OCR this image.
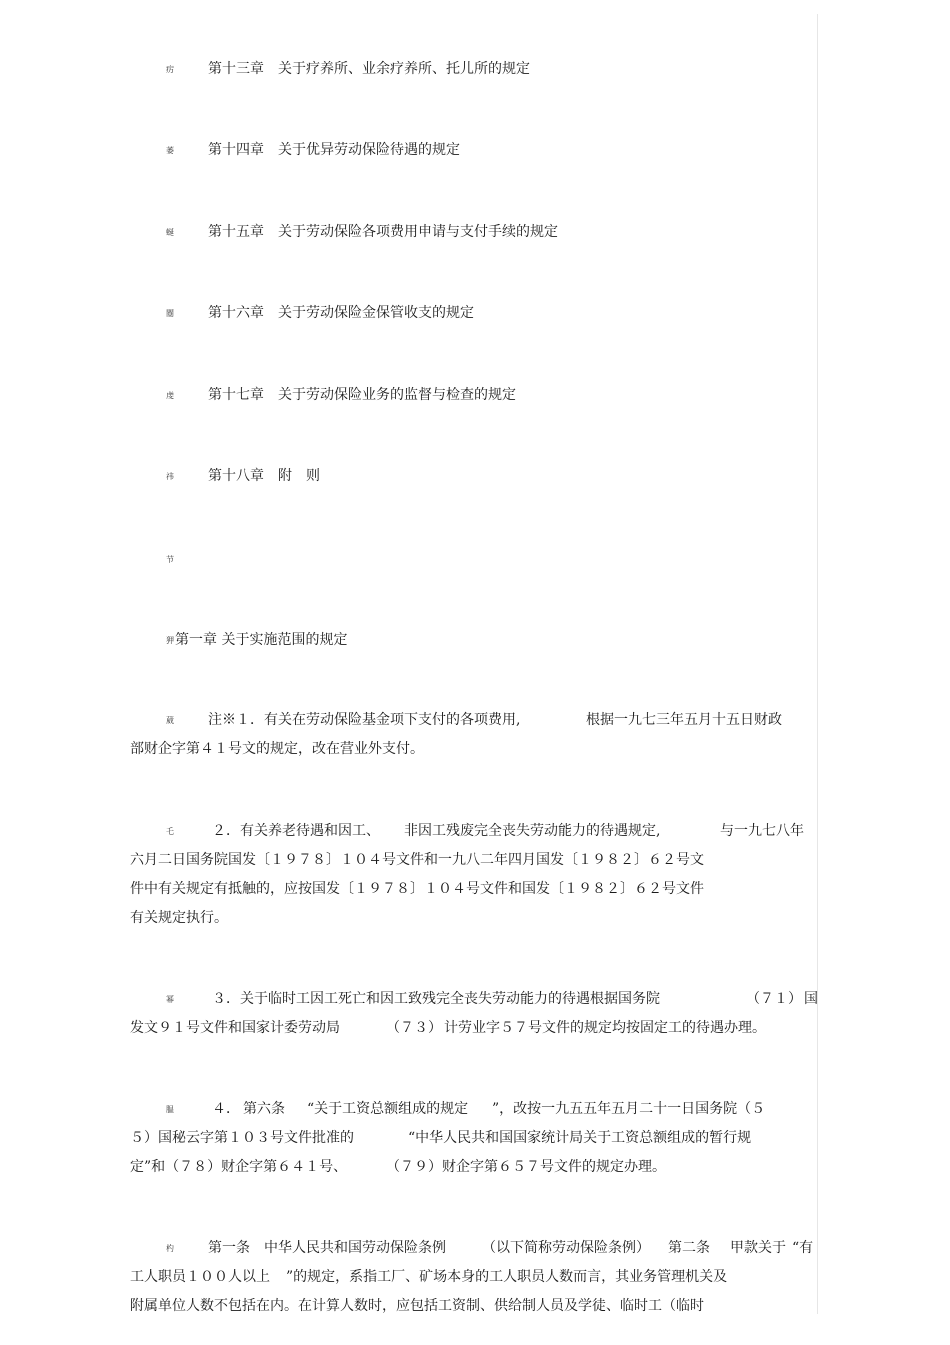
疠 第十三章　关于疗养所、业余疗养所、托儿所的规定
萎 第十四章　关于优异劳动保险待遇的规定
蜒 第十五章　关于劳动保险各项费用申请与支付手续的规定
闓 第十六章　关于劳动保险金保管收支的规定
虔 第十七章　关于劳动保险业务的监督与检查的规定
祎 第十八章　附　则
节
狎 第一章 关于实施范围的规定
葳 注※１．有关在劳动保险基金项下支付的各项费用,	根据一九七三年五月十五日财政
部财企字第４１号文的规定，改在营业外支付。
乇	２．有关养老待遇和因工、 非因工残废完全丧失劳动能力的待遇规定,	与一九七八年
六月二日国务院国发〔１９７８〕１０４号文件和一九八二年四月国发〔１９８２〕６２号文
件中有关规定有抵触的，应按国发〔１９７８〕１０４号文件和国发〔１９８２〕６２号文件
有关规定执行。
幂	３．关于临时工因工死亡和因工致残完全丧失劳动能力的待遇根据国务院	（７１） 国
发文９１号文件和国家计委劳动局	（７３） 计劳业字５７号文件的规定均按固定工的待遇办理。
腽	４． 第六条 “关于工资总额组成的规定 ”，改按一九五五年五月二十一日国务院（５
５）国秘云字第１０３号文件批准的	“中华人民共和国国家统计局关于工资总额组成的暂行规
定”和（７８）财企字第６４１号、	（７９）财企字第６５７号文件的规定办理。
杓 第一条　中华人民共和国劳动保险条例	（以下简称劳动保险条例） 第二条 甲款关于 “有
工人职员１００人以上 ”的规定，系指工厂、矿场本身的工人职员人数而言，其业务管理机关及
附属单位人数不包括在内。在计算人数时，应包括工资制、供给制人员及学徒、临时工（临时
